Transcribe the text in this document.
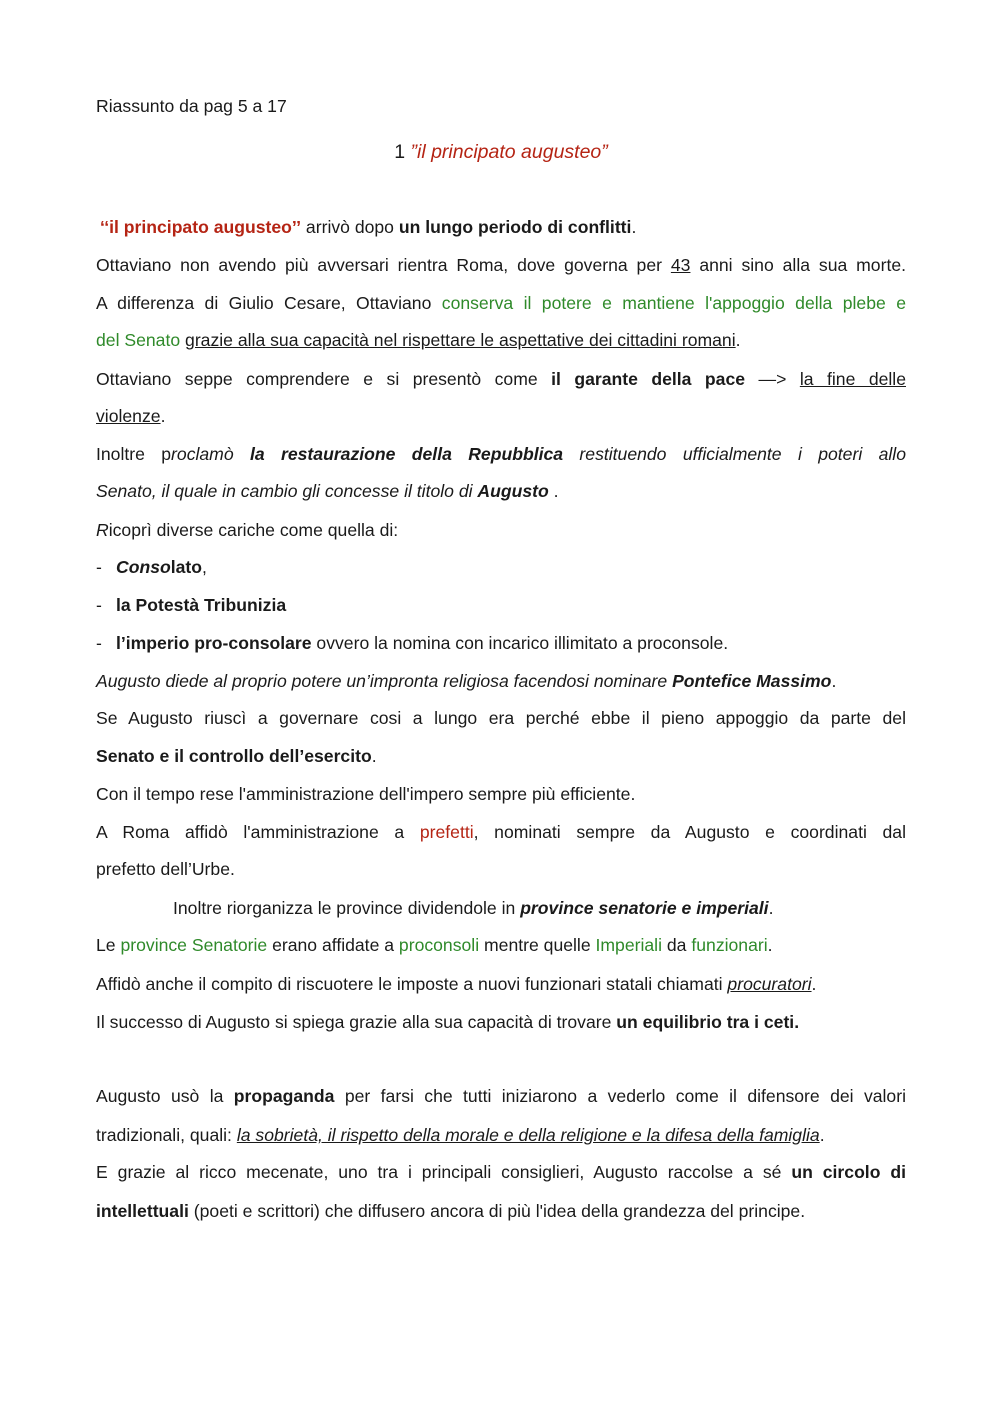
Riassunto da pag 5 a 17
1 ”il principato augusteo”
‘‘il principato augusteo’’ arrivò dopo un lungo periodo di conflitti.
Ottaviano non avendo più avversari rientra Roma, dove governa per 43 anni sino alla sua morte.
A differenza di Giulio Cesare, Ottaviano conserva il potere e mantiene l'appoggio della plebe e
del Senato grazie alla sua capacità nel rispettare le aspettative dei cittadini romani.
Ottaviano seppe comprendere e si presentò come il garante della pace —> la fine delle
violenze.
Inoltre proclamò la restaurazione della Repubblica restituendo ufficialmente i poteri allo
Senato, il quale in cambio gli concesse il titolo di Augusto .
Ricoprì diverse cariche come quella di:
- Consolato,
- la Potestà Tribunizia
- l’imperio pro-consolare ovvero la nomina con incarico illimitato a proconsole.
Augusto diede al proprio potere un’impronta religiosa facendosi nominare Pontefice Massimo.
Se Augusto riuscì a governare cosi a lungo era perché ebbe il pieno appoggio da parte del
Senato e il controllo dell’esercito.
Con il tempo rese l'amministrazione dell'impero sempre più efficiente.
A Roma affidò l'amministrazione a prefetti, nominati sempre da Augusto e coordinati dal
prefetto dell’Urbe.
Inoltre riorganizza le province dividendole in province senatorie e imperiali.
Le province Senatorie erano affidate a proconsoli mentre quelle Imperiali da funzionari.
Affidò anche il compito di riscuotere le imposte a nuovi funzionari statali chiamati procuratori.
Il successo di Augusto si spiega grazie alla sua capacità di trovare un equilibrio tra i ceti.
Augusto usò la propaganda per farsi che tutti iniziarono a vederlo come il difensore dei valori
tradizionali, quali: la sobrietà, il rispetto della morale e della religione e la difesa della famiglia.
E grazie al ricco mecenate, uno tra i principali consiglieri, Augusto raccolse a sé un circolo di
intellettuali (poeti e scrittori) che diffusero ancora di più l'idea della grandezza del principe.
